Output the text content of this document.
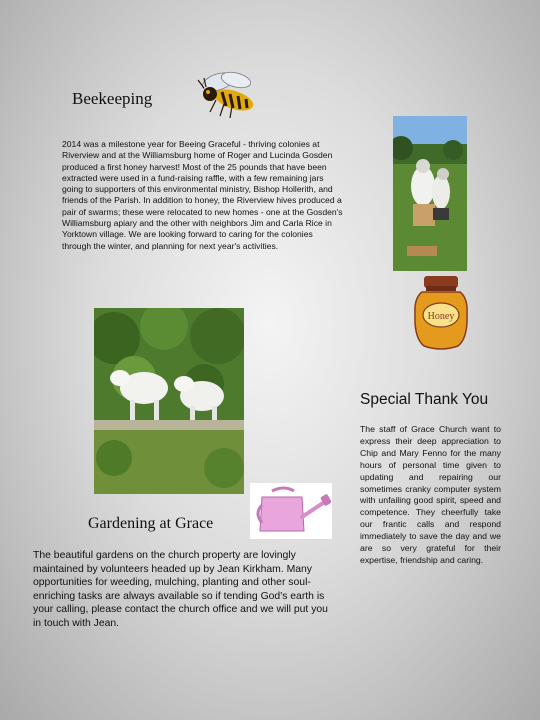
Beekeeping
2014 was a milestone year for Beeing Graceful - thriving colonies at Riverview and at the Williamsburg home of Roger and Lucinda Gosden produced a first honey harvest! Most of the 25 pounds that have been extracted were used in a fund-raising raffle, with a few remaining jars going to supporters of this environmental ministry, Bishop Hollerith, and friends of the Parish. In addition to honey, the Riverview hives produced a pair of swarms; these were relocated to new homes - one at the Gosden's Williamsburg apiary and the other with neighbors Jim and Carla Rice in Yorktown village. We are looking forward to caring for the colonies through the winter, and planning for next year's activities.
Honey
Special Thank You
The staff of Grace Church want to express their deep appreciation to Chip and Mary Fenno for the many hours of personal time given to updating and repairing our sometimes cranky computer system with unfailing good spirit, speed and competence. They cheerfully take our frantic calls and respond immediately to save the day and we are so very grateful for their expertise, friendship and caring.
Gardening at Grace
The beautiful gardens on the church property are lovingly maintained by volunteers headed up by Jean Kirkham. Many opportunities for weeding, mulching, planting and other soul-enriching tasks are always available so if tending God's earth is your calling, please contact the church office and we will put you in touch with Jean.
